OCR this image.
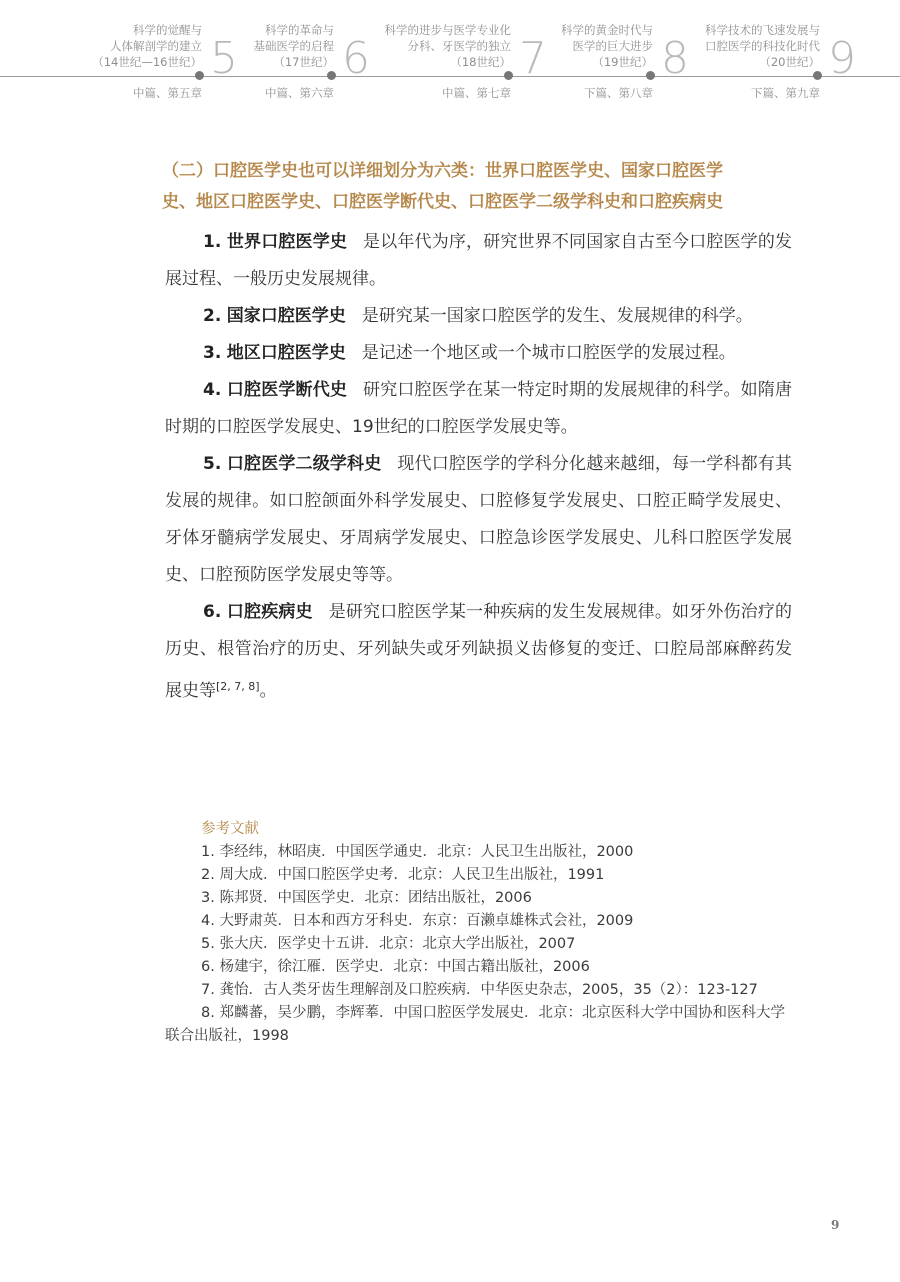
科学的觉醒与
人体解剖学的建立
（14世纪—16世纪） 5
中篇、第五章
科学的革命与
基础医学的启程
（17世纪） 6
中篇、第六章
科学的进步与医学专业化
分科、牙医学的独立
（18世纪） 7
中篇、第七章
科学的黄金时代与
医学的巨大进步
（19世纪） 8
下篇、第八章
科学技术的飞速发展与
口腔医学的科技化时代
（20世纪） 9
下篇、第九章
（二）口腔医学史也可以详细划分为六类：世界口腔医学史、国家口腔医学
史、地区口腔医学史、口腔医学断代史、口腔医学二级学科史和口腔疾病史

1. 世界口腔医学史 是以年代为序，研究世界不同国家自古至今口腔医学的发展过程、一般历史发展规律。

2. 国家口腔医学史 是研究某一国家口腔医学的发生、发展规律的科学。

3. 地区口腔医学史 是记述一个地区或一个城市口腔医学的发展过程。

4. 口腔医学断代史 研究口腔医学在某一特定时期的发展规律的科学。如隋唐时期的口腔医学发展史、19世纪的口腔医学发展史等。

5. 口腔医学二级学科史 现代口腔医学的学科分化越来越细，每一学科都有其发展的规律。如口腔颌面外科学发展史、口腔修复学发展史、口腔正畸学发展史、牙体牙髓病学发展史、牙周病学发展史、口腔急诊医学发展史、儿科口腔医学发展史、口腔预防医学发展史等等。

6. 口腔疾病史 是研究口腔医学某一种疾病的发生发展规律。如牙外伤治疗的历史、根管治疗的历史、牙列缺失或牙列缺损义齿修复的变迁、口腔局部麻醉药发展史等[2, 7, 8]。

参考文献

1. 李经纬，林昭庚．中国医学通史．北京：人民卫生出版社，2000

2. 周大成．中国口腔医学史考．北京：人民卫生出版社，1991

3. 陈邦贤．中国医学史．北京：团结出版社，2006

4. 大野肃英．日本和西方牙科史．东京：百濑卓雄株式会社，2009

5. 张大庆．医学史十五讲．北京：北京大学出版社，2007

6. 杨建宇，徐江雁．医学史．北京：中国古籍出版社，2006

7. 龚怡．古人类牙齿生理解剖及口腔疾病．中华医史杂志，2005，35（2）：123-127

8. 郑麟蕃，吴少鹏，李辉菶．中国口腔医学发展史．北京：北京医科大学中国协和医科大学联合出版社，1998

9
